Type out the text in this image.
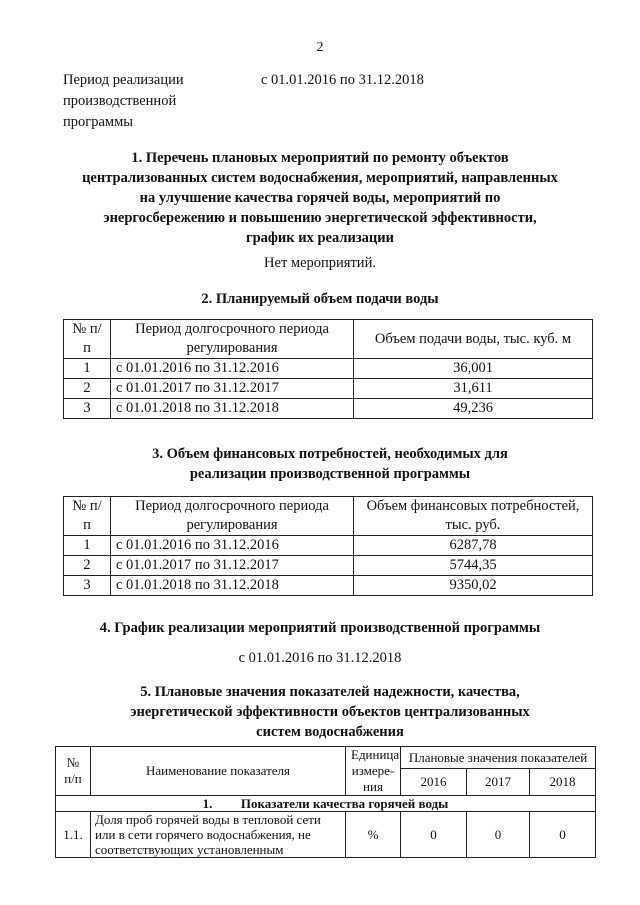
2
Период реализации производственной программы
с 01.01.2016 по 31.12.2018
1. Перечень плановых мероприятий по ремонту объектов централизованных систем водоснабжения, мероприятий, направленных на улучшение качества горячей воды, мероприятий по энергосбережению и повышению энергетической эффективности, график их реализации
Нет мероприятий.
2. Планируемый объем подачи воды
№ п/п	Период долгосрочного периода регулирования	Объем подачи воды, тыс. куб. м
1	с 01.01.2016 по 31.12.2016	36,001
2	с 01.01.2017 по 31.12.2017	31,611
3	с 01.01.2018 по 31.12.2018	49,236
3. Объем финансовых потребностей, необходимых для реализации производственной программы
№ п/п	Период долгосрочного периода регулирования	Объем финансовых потребностей, тыс. руб.
1	с 01.01.2016 по 31.12.2016	6287,78
2	с 01.01.2017 по 31.12.2017	5744,35
3	с 01.01.2018 по 31.12.2018	9350,02
4. График реализации мероприятий производственной программы
с 01.01.2016 по 31.12.2018
5. Плановые значения показателей надежности, качества, энергетической эффективности объектов централизованных систем водоснабжения
№ п/п	Наименование показателя	Единица измере-ния	Плановые значения показателей		
			2016	2017	2018
1. Показатели качества горячей воды					
1.1.	Доля проб горячей воды в тепловой сети или в сети горячего водоснабжения, не соответствующих установленным	%	0	0	0
